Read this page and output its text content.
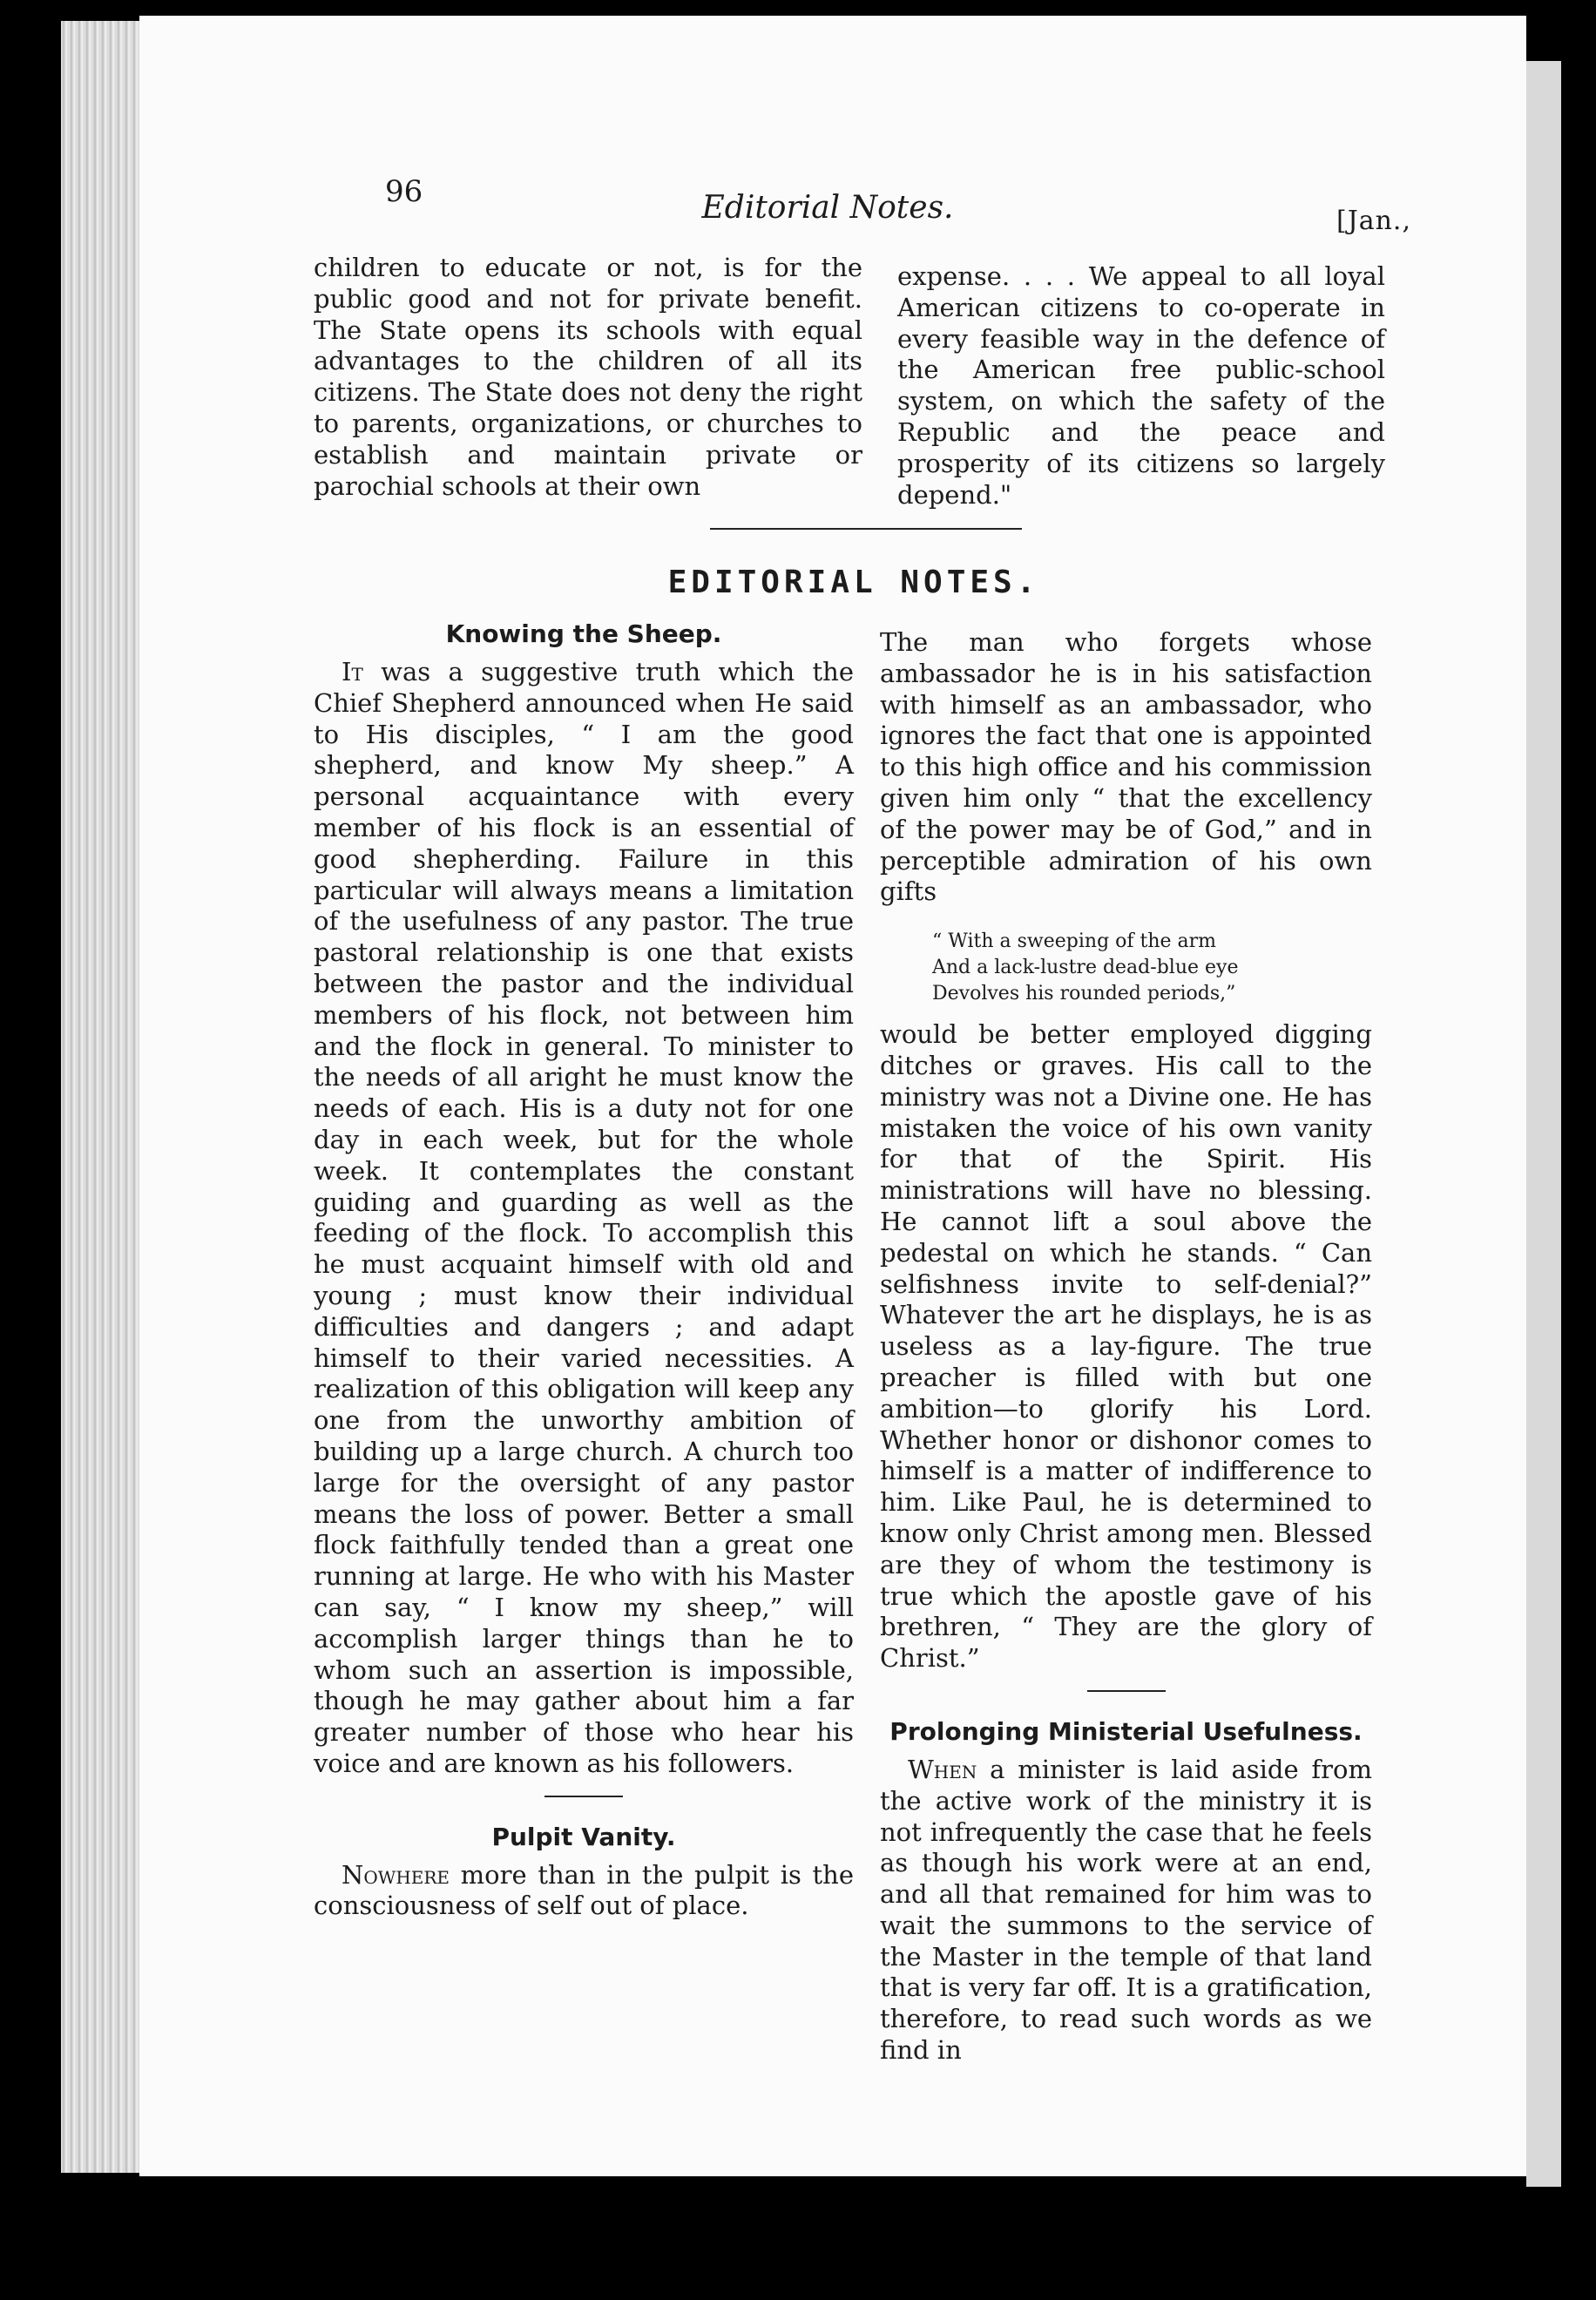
96	Editorial Notes.	[Jan.,

children to educate or not, is for the public good and not for private benefit. The State opens its schools with equal advantages to the children of all its citizens. The State does not deny the right to parents, organizations, or churches to establish and maintain private or parochial schools at their own

expense. . . . We appeal to all loyal American citizens to co-operate in every feasible way in the defence of the American free public-school system, on which the safety of the Republic and the peace and prosperity of its citizens so largely depend."

EDITORIAL NOTES.
Knowing the Sheep.

It was a suggestive truth which the Chief Shepherd announced when He said to His disciples, “ I am the good shepherd, and know My sheep.” A personal acquaintance with every member of his flock is an essential of good shepherding. Failure in this particular will always means a limitation of the usefulness of any pastor. The true pastoral relationship is one that exists between the pastor and the individual members of his flock, not between him and the flock in general. To minister to the needs of all aright he must know the needs of each. His is a duty not for one day in each week, but for the whole week. It contemplates the constant guiding and guarding as well as the feeding of the flock. To accomplish this he must acquaint himself with old and young ; must know their individual difficulties and dangers ; and adapt himself to their varied necessities. A realization of this obligation will keep any one from the unworthy ambition of building up a large church. A church too large for the oversight of any pastor means the loss of power. Better a small flock faithfully tended than a great one running at large. He who with his Master can say, “ I know my sheep,” will accomplish larger things than he to whom such an assertion is impossible, though he may gather about him a far greater number of those who hear his voice and are known as his followers.

Pulpit Vanity.

Nowhere more than in the pulpit is the consciousness of self out of place.

The man who forgets whose ambassador he is in his satisfaction with himself as an ambassador, who ignores the fact that one is appointed to this high office and his commission given him only “ that the excellency of the power may be of God,” and in perceptible admiration of his own gifts

“ With a sweeping of the arm
And a lack-lustre dead-blue eye
Devolves his rounded periods,”

would be better employed digging ditches or graves. His call to the ministry was not a Divine one. He has mistaken the voice of his own vanity for that of the Spirit. His ministrations will have no blessing. He cannot lift a soul above the pedestal on which he stands. “ Can selfishness invite to self-denial?” Whatever the art he displays, he is as useless as a lay-figure. The true preacher is filled with but one ambition—to glorify his Lord. Whether honor or dishonor comes to himself is a matter of indifference to him. Like Paul, he is determined to know only Christ among men. Blessed are they of whom the testimony is true which the apostle gave of his brethren, “ They are the glory of Christ.”

Prolonging Ministerial Usefulness.

When a minister is laid aside from the active work of the ministry it is not infrequently the case that he feels as though his work were at an end, and all that remained for him was to wait the summons to the service of the Master in the temple of that land that is very far off. It is a gratification, therefore, to read such words as we find in
